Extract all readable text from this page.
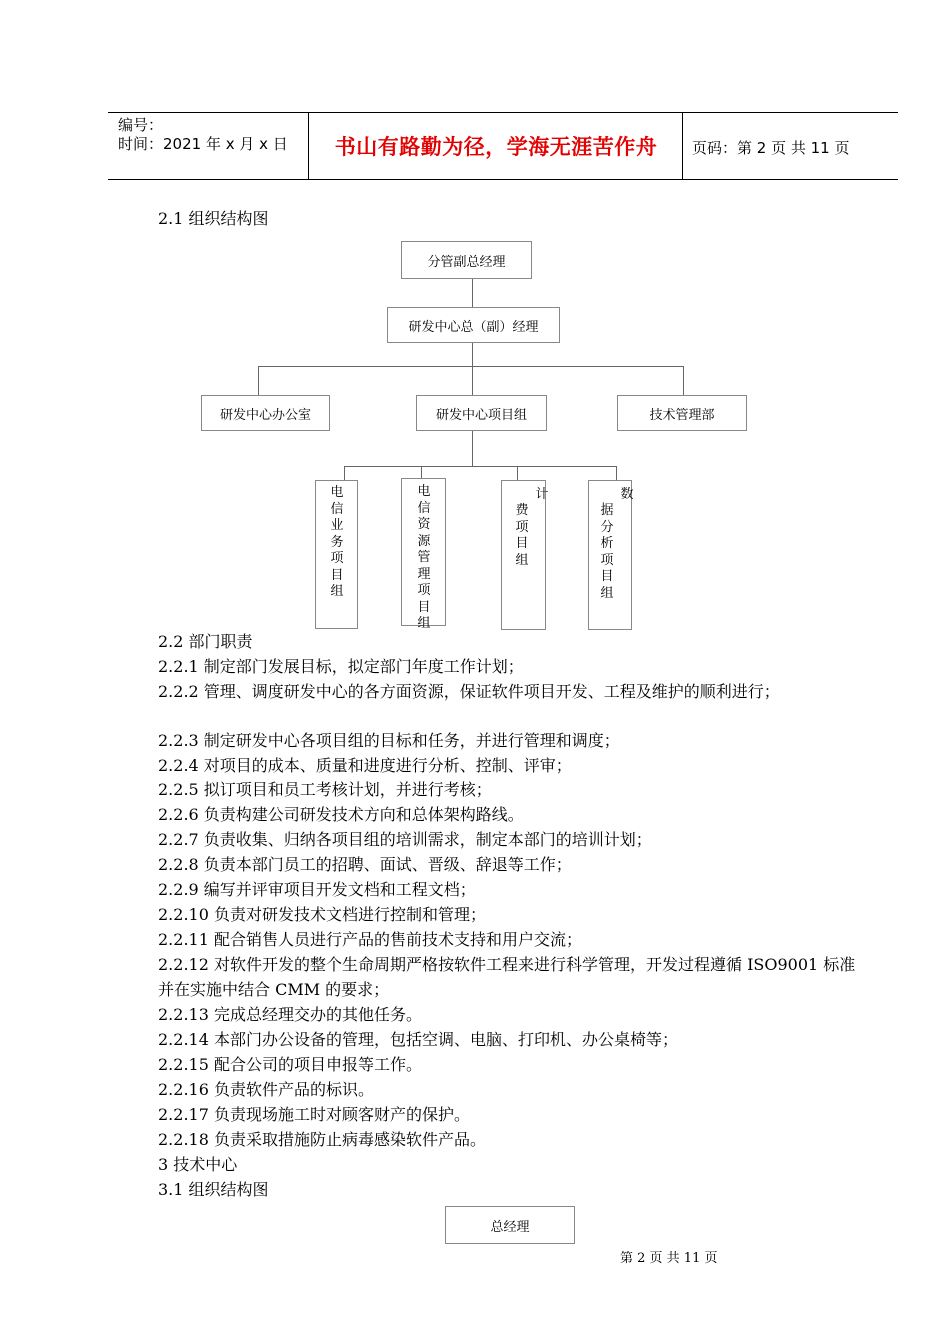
编号：
时间：2021 年 x 月 x 日	书山有路勤为径，学海无涯苦作舟	页码：第 2 页 共 11 页
2.1 组织结构图
分管副总经理
研发中心总（副）经理
研发中心办公室	研发中心项目组	技术管理部
电信业务项目组
电信资源管理项目组
计
费项目组
数
据分析项目组
2.2 部门职责
2.2.1 制定部门发展目标，拟定部门年度工作计划；
2.2.2 管理、调度研发中心的各方面资源，保证软件项目开发、工程及维护的顺利进行；
2.2.3 制定研发中心各项目组的目标和任务，并进行管理和调度；
2.2.4 对项目的成本、质量和进度进行分析、控制、评审；
2.2.5 拟订项目和员工考核计划，并进行考核；
2.2.6 负责构建公司研发技术方向和总体架构路线。
2.2.7 负责收集、归纳各项目组的培训需求，制定本部门的培训计划；
2.2.8 负责本部门员工的招聘、面试、晋级、辞退等工作；
2.2.9 编写并评审项目开发文档和工程文档；
2.2.10 负责对研发技术文档进行控制和管理；
2.2.11 配合销售人员进行产品的售前技术支持和用户交流；
2.2.12 对软件开发的整个生命周期严格按软件工程来进行科学管理，开发过程遵循 ISO9001 标准并在实施中结合 CMM 的要求；
2.2.13 完成总经理交办的其他任务。
2.2.14 本部门办公设备的管理，包括空调、电脑、打印机、办公桌椅等；
2.2.15 配合公司的项目申报等工作。
2.2.16 负责软件产品的标识。
2.2.17 负责现场施工时对顾客财产的保护。
2.2.18 负责采取措施防止病毒感染软件产品。
3 技术中心
3.1 组织结构图
总经理
第 2 页 共 11 页
